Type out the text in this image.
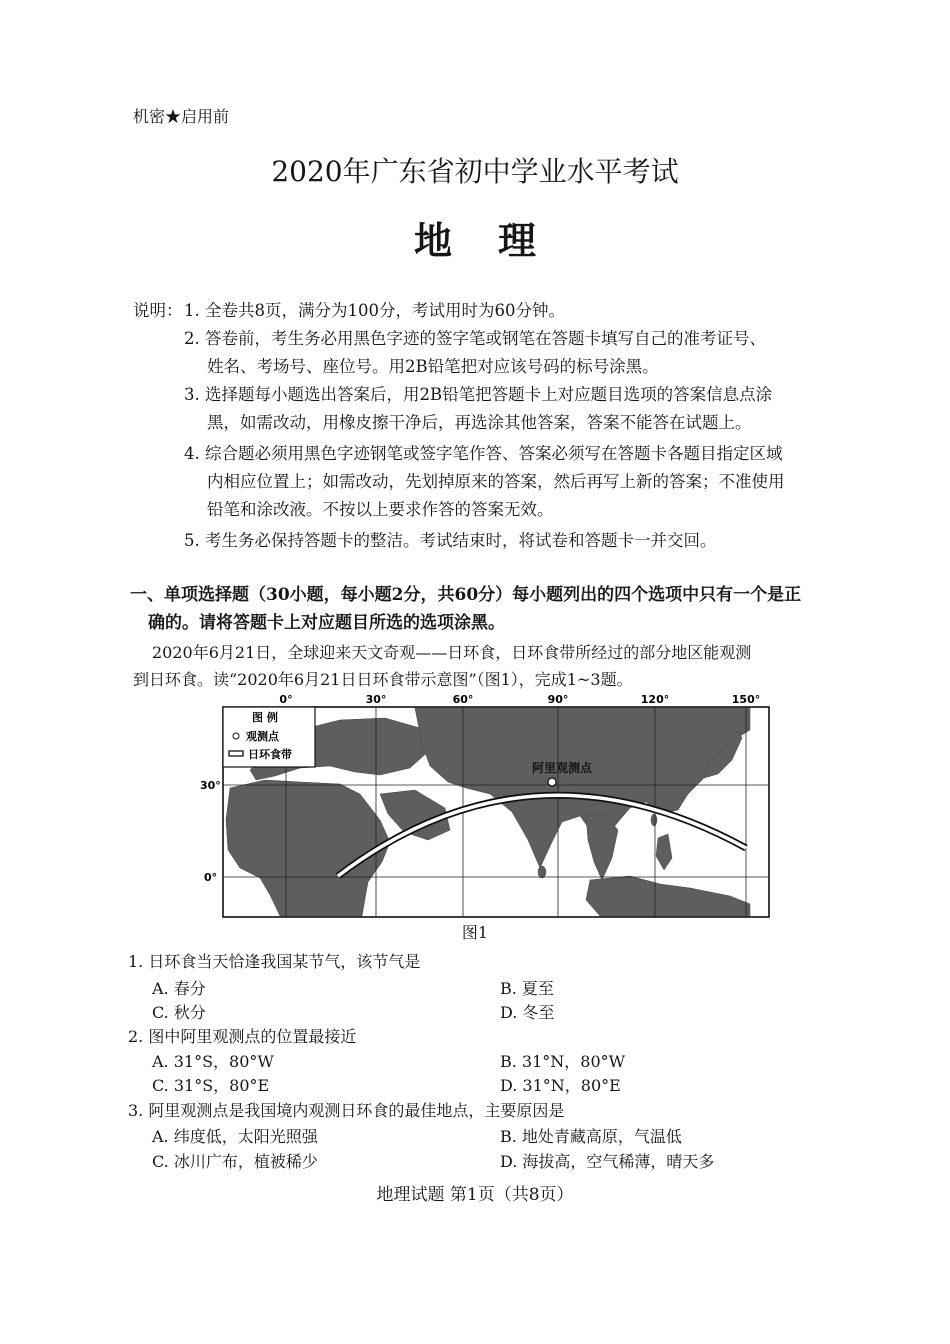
机密★启用前
2020年广东省初中学业水平考试
地理
说明： 1. 全卷共8页，满分为100分，考试用时为60分钟。
2. 答卷前，考生务必用黑色字迹的签字笔或钢笔在答题卡填写自己的准考证号、
姓名、考场号、座位号。用2B铅笔把对应该号码的标号涂黑。
3. 选择题每小题选出答案后，用2B铅笔把答题卡上对应题目选项的答案信息点涂
黑，如需改动，用橡皮擦干净后，再选涂其他答案，答案不能答在试题上。
4. 综合题必须用黑色字迹钢笔或签字笔作答、答案必须写在答题卡各题目指定区域
内相应位置上；如需改动，先划掉原来的答案，然后再写上新的答案；不准使用
铅笔和涂改液。不按以上要求作答的答案无效。
5. 考生务必保持答题卡的整洁。考试结束时，将试卷和答题卡一并交回。
一、单项选择题（30小题，每小题2分，共60分）每小题列出的四个选项中只有一个是正
确的。请将答题卡上对应题目所选的选项涂黑。
2020年6月21日，全球迎来天文奇观——日环食，日环食带所经过的部分地区能观测
到日环食。读“2020年6月21日日环食带示意图”（图1），完成1~3题。
0°	30°	60°	90°	120°	150°
30°
0°
阿里观测点
图 例
观测点
日环食带
图1
1. 日环食当天恰逢我国某节气，该节气是
A. 春分	B. 夏至
C. 秋分	D. 冬至
2. 图中阿里观测点的位置最接近
A. 31°S，80°W	B. 31°N，80°W
C. 31°S，80°E	D. 31°N，80°E
3. 阿里观测点是我国境内观测日环食的最佳地点，主要原因是
A. 纬度低，太阳光照强	B. 地处青藏高原，气温低
C. 冰川广布，植被稀少	D. 海拔高，空气稀薄，晴天多
地理试题 第1页（共8页）
